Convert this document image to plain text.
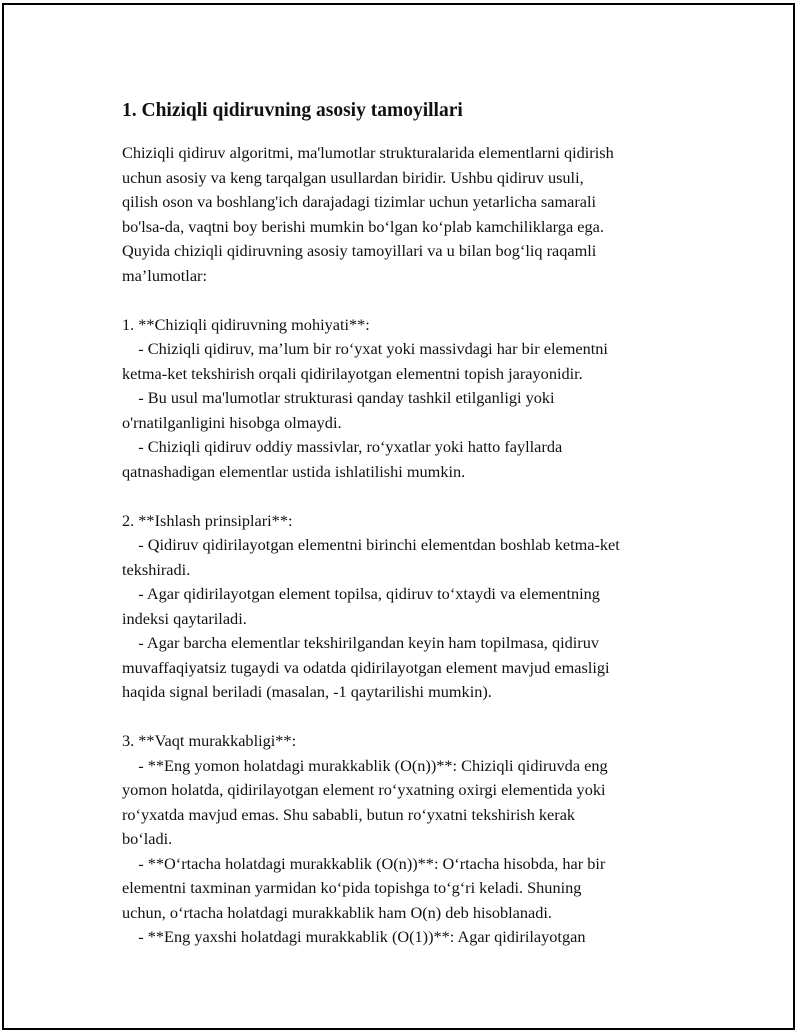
1. Chiziqli qidiruvning asosiy tamoyillari

Chiziqli qidiruv algoritmi, ma'lumotlar strukturalarida elementlarni qidirish

uchun asosiy va keng tarqalgan usullardan biridir. Ushbu qidiruv usuli,

qilish oson va boshlang'ich darajadagi tizimlar uchun yetarlicha samarali

bo'lsa-da, vaqtni boy berishi mumkin bo‘lgan ko‘plab kamchiliklarga ega.

Quyida chiziqli qidiruvning asosiy tamoyillari va u bilan bog‘liq raqamli

ma’lumotlar:

1. **Chiziqli qidiruvning mohiyati**:

- Chiziqli qidiruv, ma’lum bir ro‘yxat yoki massivdagi har bir elementni

ketma-ket tekshirish orqali qidirilayotgan elementni topish jarayonidir.

- Bu usul ma'lumotlar strukturasi qanday tashkil etilganligi yoki

o'rnatilganligini hisobga olmaydi.

- Chiziqli qidiruv oddiy massivlar, ro‘yxatlar yoki hatto fayllarda

qatnashadigan elementlar ustida ishlatilishi mumkin.

2. **Ishlash prinsiplari**:

- Qidiruv qidirilayotgan elementni birinchi elementdan boshlab ketma-ket

tekshiradi.

- Agar qidirilayotgan element topilsa, qidiruv to‘xtaydi va elementning

indeksi qaytariladi.

- Agar barcha elementlar tekshirilgandan keyin ham topilmasa, qidiruv

muvaffaqiyatsiz tugaydi va odatda qidirilayotgan element mavjud emasligi

haqida signal beriladi (masalan, -1 qaytarilishi mumkin).

3. **Vaqt murakkabligi**:

- **Eng yomon holatdagi murakkablik (O(n))**: Chiziqli qidiruvda eng

yomon holatda, qidirilayotgan element ro‘yxatning oxirgi elementida yoki

ro‘yxatda mavjud emas. Shu sababli, butun ro‘yxatni tekshirish kerak

bo‘ladi.

- **O‘rtacha holatdagi murakkablik (O(n))**: O‘rtacha hisobda, har bir

elementni taxminan yarmidan ko‘pida topishga to‘g‘ri keladi. Shuning

uchun, o‘rtacha holatdagi murakkablik ham O(n) deb hisoblanadi.

- **Eng yaxshi holatdagi murakkablik (O(1))**: Agar qidirilayotgan
